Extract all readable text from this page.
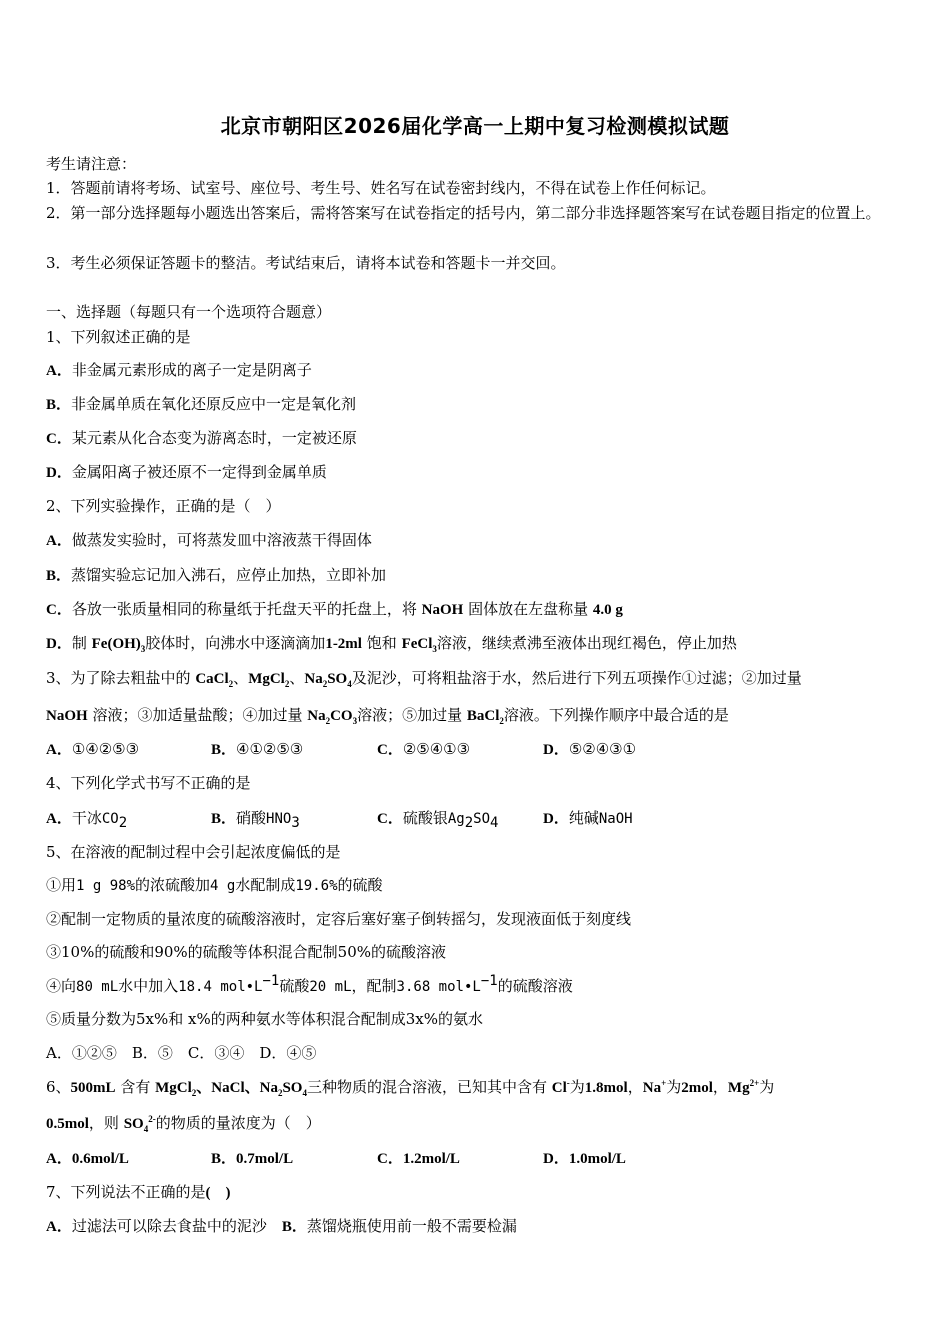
北京市朝阳区2026届化学高一上期中复习检测模拟试题
考生请注意：
1．答题前请将考场、试室号、座位号、考生号、姓名写在试卷密封线内，不得在试卷上作任何标记。
2．第一部分选择题每小题选出答案后，需将答案写在试卷指定的括号内，第二部分非选择题答案写在试卷题目指定的位置上。
3．考生必须保证答题卡的整洁。考试结束后，请将本试卷和答题卡一并交回。
一、选择题（每题只有一个选项符合题意）
1、下列叙述正确的是
A．非金属元素形成的离子一定是阴离子
B．非金属单质在氧化还原反应中一定是氧化剂
C．某元素从化合态变为游离态时，一定被还原
D．金属阳离子被还原不一定得到金属单质
2、下列实验操作，正确的是（　）
A．做蒸发实验时，可将蒸发皿中溶液蒸干得固体
B．蒸馏实验忘记加入沸石，应停止加热，立即补加
C．各放一张质量相同的称量纸于托盘天平的托盘上，将 NaOH 固体放在左盘称量 4.0 g
D．制 $Fe(OH)_3$胶体时，向沸水中逐滴滴加1-2ml 饱和 FeCl$_3$溶液，继续煮沸至液体出现红褐色，停止加热
3、为了除去粗盐中的 CaCl$_2$、MgCl$_2$、$Na_2SO_4$及泥沙，可将粗盐溶于水，然后进行下列五项操作①过滤；②加过量
NaOH 溶液；③加适量盐酸；④加过量 $Na_2CO_3$溶液；⑤加过量 BaCl$_2$溶液。下列操作顺序中最合适的是
A．①④②⑤③	B．④①②⑤③	C．②⑤④①③	D．⑤②④③①
4、下列化学式书写不正确的是
A．干冰$CO_2$	B．硝酸$HNO_3$	C．硫酸银$Ag_2SO_4$	D．纯碱NaOH
5、在溶液的配制过程中会引起浓度偏低的是
①用1 g 98%的浓硫酸加4 g水配制成19.6%的硫酸
②配制一定物质的量浓度的硫酸溶液时，定容后塞好塞子倒转摇匀，发现液面低于刻度线
③10%的硫酸和90%的硫酸等体积混合配制50%的硫酸溶液
④向80 mL水中加入18.4 $mol•L^{-1}$硫酸20 mL，配制3.68 $mol•L^{-1}$的硫酸溶液
⑤质量分数为5x%和 x%的两种氨水等体积混合配制成3x%的氨水
A．①②⑤　B．⑤　C．③④　D．④⑤
6、500mL 含有 MgCl$_2$、NaCl、$Na_2SO_4$三种物质的混合溶液，已知其中含有 Cl-为1.8mol，Na+为2mol，$Mg^{2+}$为
0.5mol，则 $SO_4^{2-}$的物质的量浓度为（　）
A．0.6mol/L	B．0.7mol/L	C．1.2mol/L	D．1.0mol/L
7、下列说法不正确的是(　)
A．过滤法可以除去食盐中的泥沙　 B．蒸馏烧瓶使用前一般不需要检漏
